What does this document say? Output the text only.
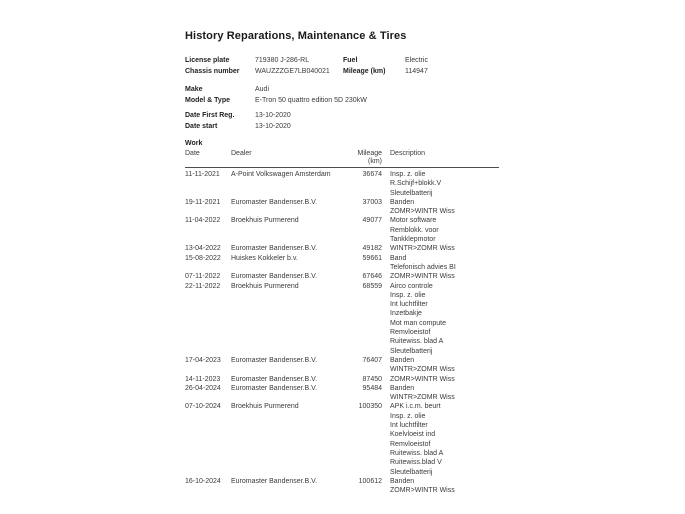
History Reparations, Maintenance & Tires
License plate	719380 J-286-RL	Fuel	Electric
Chassis number	WAUZZZGE7LB040021	Mileage (km)	114947
Make	Audi
Model & Type	E-Tron 50 quattro edition 5D 230kW
Date First Reg.	13-10-2020
Date start	13-10-2020
Work
Date	Dealer	Mileage (km)
Description
11-11-2021	A-Point Volkswagen Amsterdam	36674 Insp. z. olie
R.Schijf+blokk.V
Sleutelbatterij
19-11-2021	Euromaster Bandenser.B.V.	37003 Banden
ZOMR>WINTR Wiss
11-04-2022	Broekhuis Purmerend	49077 Motor software
Remblokk. voor
Tankklepmotor
13-04-2022	Euromaster Bandenser.B.V.	49182 WINTR>ZOMR Wiss
15-08-2022	Huiskes Kokkeler b.v.	59661 Band
Telefonisch advies BI
07-11-2022	Euromaster Bandenser.B.V.	67646 ZOMR>WINTR Wiss
22-11-2022	Broekhuis Purmerend	68559 Airco controle
Insp. z. olie
Int luchtfilter
Inzetbakje
Mot man compute
Remvloeistof
Ruitewiss. blad A
Sleutelbatterij
17-04-2023	Euromaster Bandenser.B.V.	76407 Banden
WINTR>ZOMR Wiss
14-11-2023	Euromaster Bandenser.B.V.	87450 ZOMR>WINTR Wiss
26-04-2024	Euromaster Bandenser.B.V.	95484 Banden
WINTR>ZOMR Wiss
07-10-2024	Broekhuis Purmerend	100350 APK i.c.m. beurt
Insp. z. olie
Int luchtfilter
Koelvloeist ind
Remvloeistof
Ruitewiss. blad A
Ruitewiss.blad V
Sleutelbatterij
16-10-2024	Euromaster Bandenser.B.V.	100612 Banden
ZOMR>WINTR Wiss
